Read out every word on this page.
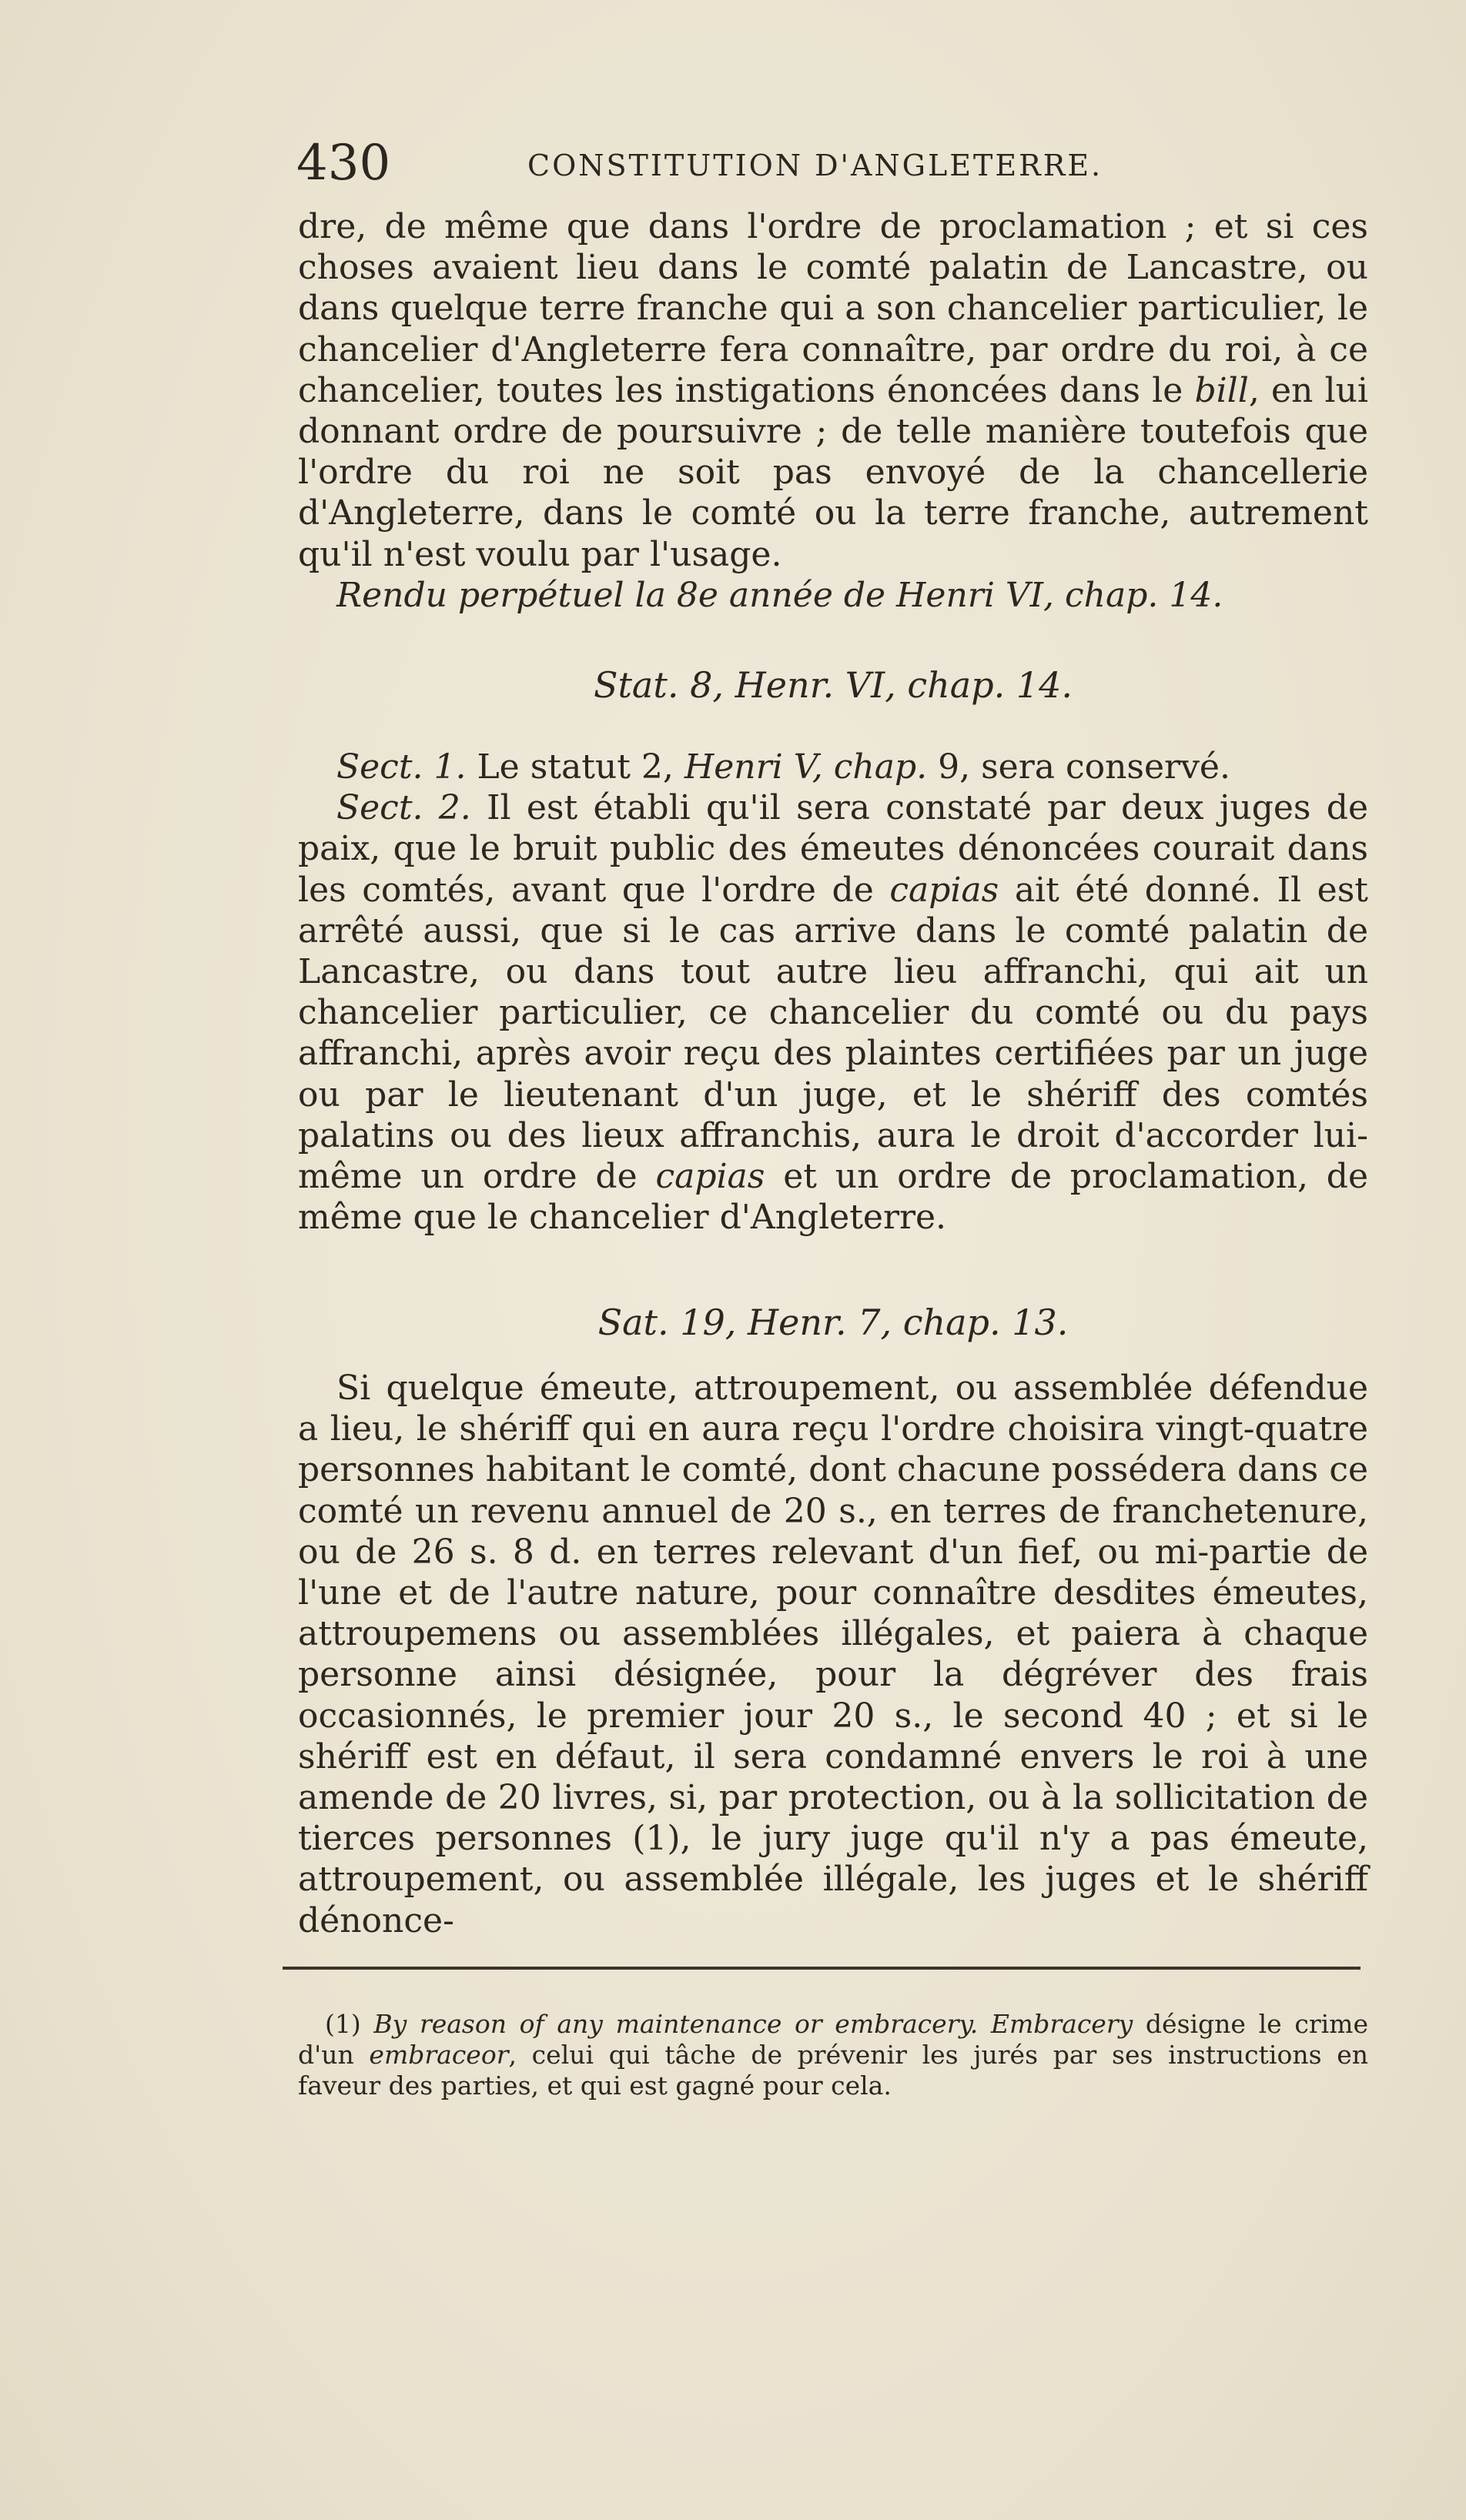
430	CONSTITUTION D'ANGLETERRE.

dre, de même que dans l'ordre de proclamation ; et si ces choses avaient lieu dans le comté palatin de Lancastre, ou dans quelque terre franche qui a son chancelier particulier, le chancelier d'Angleterre fera connaître, par ordre du roi, à ce chancelier, toutes les instigations énoncées dans le bill, en lui donnant ordre de poursuivre ; de telle manière toutefois que l'ordre du roi ne soit pas envoyé de la chancellerie d'Angleterre, dans le comté ou la terre franche, autrement qu'il n'est voulu par l'usage.

Rendu perpétuel la 8e année de Henri VI, chap. 14.

Stat. 8, Henr. VI, chap. 14.

Sect. 1. Le statut 2, Henri V, chap. 9, sera conservé.

Sect. 2. Il est établi qu'il sera constaté par deux juges de paix, que le bruit public des émeutes dénoncées courait dans les comtés, avant que l'ordre de capias ait été donné. Il est arrêté aussi, que si le cas arrive dans le comté palatin de Lancastre, ou dans tout autre lieu affranchi, qui ait un chancelier particulier, ce chancelier du comté ou du pays affranchi, après avoir reçu des plaintes certifiées par un juge ou par le lieutenant d'un juge, et le shériff des comtés palatins ou des lieux affranchis, aura le droit d'accorder lui-même un ordre de capias et un ordre de proclamation, de même que le chancelier d'Angleterre.

Sat. 19, Henr. 7, chap. 13.

Si quelque émeute, attroupement, ou assemblée défendue a lieu, le shériff qui en aura reçu l'ordre choisira vingt-quatre personnes habitant le comté, dont chacune possédera dans ce comté un revenu annuel de 20 s., en terres de franchetenure, ou de 26 s. 8 d. en terres relevant d'un fief, ou mi-partie de l'une et de l'autre nature, pour connaître desdites émeutes, attroupemens ou assemblées illégales, et paiera à chaque personne ainsi désignée, pour la dégréver des frais occasionnés, le premier jour 20 s., le second 40 ; et si le shériff est en défaut, il sera condamné envers le roi à une amende de 20 livres, si, par protection, ou à la sollicitation de tierces personnes (1), le jury juge qu'il n'y a pas émeute, attroupement, ou assemblée illégale, les juges et le shériff dénonce-

(1) By reason of any maintenance or embracery. Embracery désigne le crime d'un embraceor, celui qui tâche de prévenir les jurés par ses instructions en faveur des parties, et qui est gagné pour cela.
